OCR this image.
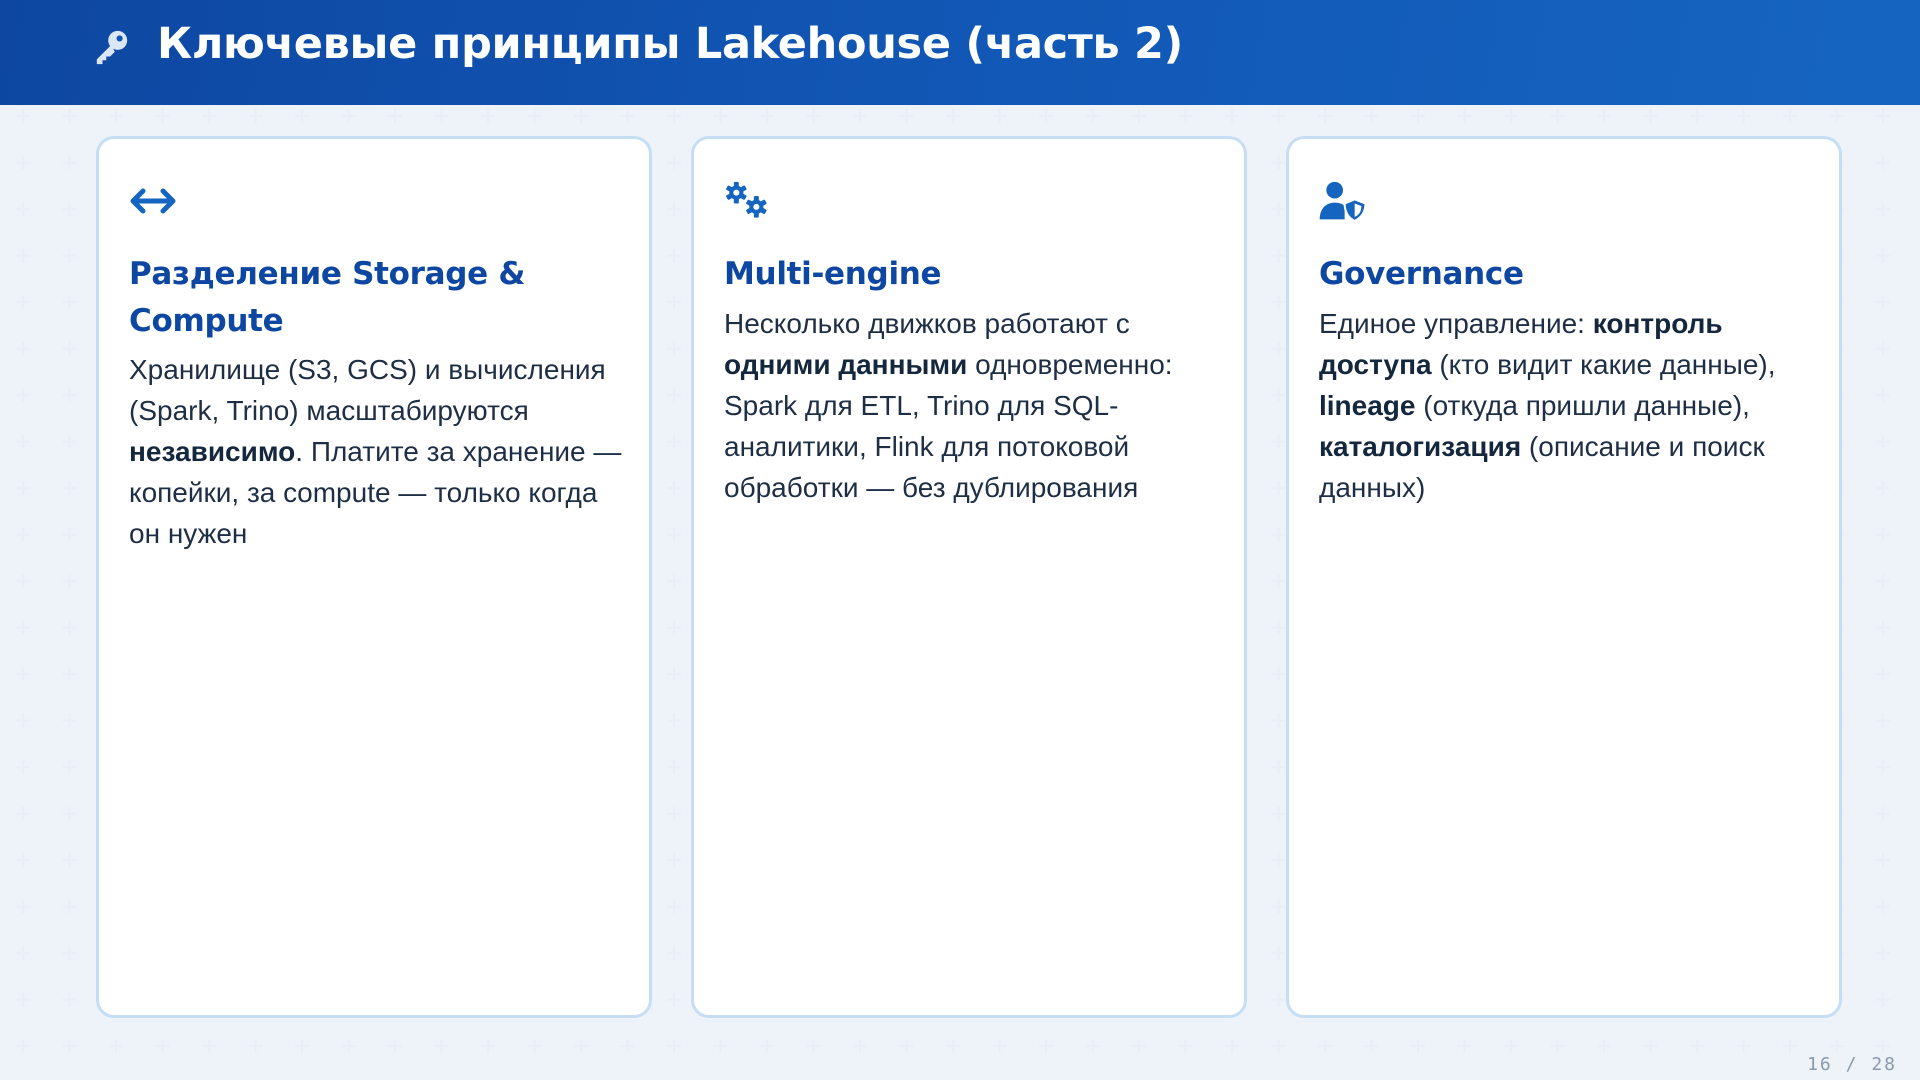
Ключевые принципы Lakehouse (часть 2)
Разделение Storage & Compute
Хранилище (S3, GCS) и вычисления (Spark, Trino) масштабируются независимо. Платите за хранение — копейки, за compute — только когда он нужен
Multi-engine
Несколько движков работают с одними данными одновременно: Spark для ETL, Trino для SQL-аналитики, Flink для потоковой обработки — без дублирования
Governance
Единое управление: контроль доступа (кто видит какие данные), lineage (откуда пришли данные), каталогизация (описание и поиск данных)
16 / 28
